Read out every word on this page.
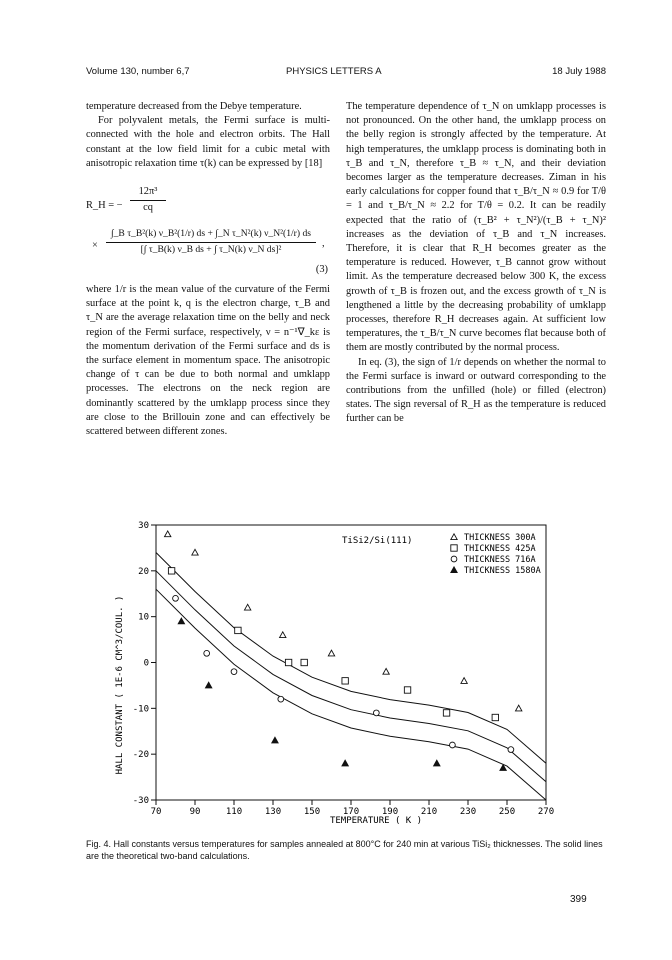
Volume 130, number 6,7	PHYSICS LETTERS A	18 July 1988

temperature decreased from the Debye temperature.

For polyvalent metals, the Fermi surface is multi-connected with the hole and electron orbits. The Hall constant at the low field limit for a cubic metal with anisotropic relaxation time τ(k) can be expressed by [18]

R_H = − $\frac{\text{12π³}}{cq}$
× $\frac{\text{∫\_B τ\_B²(k) ν\_B²(1/r) ds + ∫\_N τ\_N²(k) ν\_N²(1/r) ds}}{\text{[∫ τ\_B(k) ν\_B ds + ∫ τ\_N(k) ν\_N ds]²}}$ ,
(3)

where 1/r is the mean value of the curvature of the Fermi surface at the point k, q is the electron charge, τ_B and τ_N are the average relaxation time on the belly and neck region of the Fermi surface, respectively, ν = n⁻¹∇_kε is the momentum derivation of the Fermi surface and ds is the surface element in momentum space. The anisotropic change of τ can be due to both normal and umklapp processes. The electrons on the neck region are dominantly scattered by the umklapp process since they are close to the Brillouin zone and can effectively be scattered between different zones.

The temperature dependence of τ_N on umklapp processes is not pronounced. On the other hand, the umklapp process on the belly region is strongly affected by the temperature. At high temperatures, the umklapp process is dominating both in τ_B and τ_N, therefore τ_B ≈ τ_N, and their deviation becomes larger as the temperature decreases. Ziman in his early calculations for copper found that τ_B/τ_N ≈ 0.9 for T/θ = 1 and τ_B/τ_N ≈ 2.2 for T/θ = 0.2. It can be readily expected that the ratio of (τ_B² + τ_N²)/(τ_B + τ_N)² increases as the deviation of τ_B and τ_N increases. Therefore, it is clear that R_H becomes greater as the temperature is reduced. However, τ_B cannot grow without limit. As the temperature decreased below 300 K, the excess growth of τ_B is frozen out, and the excess growth of τ_N is lengthened a little by the decreasing probability of umklapp processes, therefore R_H decreases again. At sufficient low temperatures, the τ_B/τ_N curve becomes flat because both of them are mostly contributed by the normal process.

In eq. (3), the sign of 1/r depends on whether the normal to the Fermi surface is inward or outward corresponding to the contributions from the unfilled (hole) or filled (electron) states. The sign reversal of R_H as the temperature is reduced further can be

70	90	110	130	150	170	190	210	230	250	270
-30
-20
-10
0
10
20
30
THICKNESS 300A
THICKNESS 425A
THICKNESS 716A
THICKNESS 1580A
TiSi2/Si(111)
TEMPERATURE ( K )
HALL CONSTANT ( 1E-6 CM^3/COUL. )
Fig. 4. Hall constants versus temperatures for samples annealed at 800°C for 240 min at various TiSi₂ thicknesses. The solid lines are the theoretical two-band calculations.
399
